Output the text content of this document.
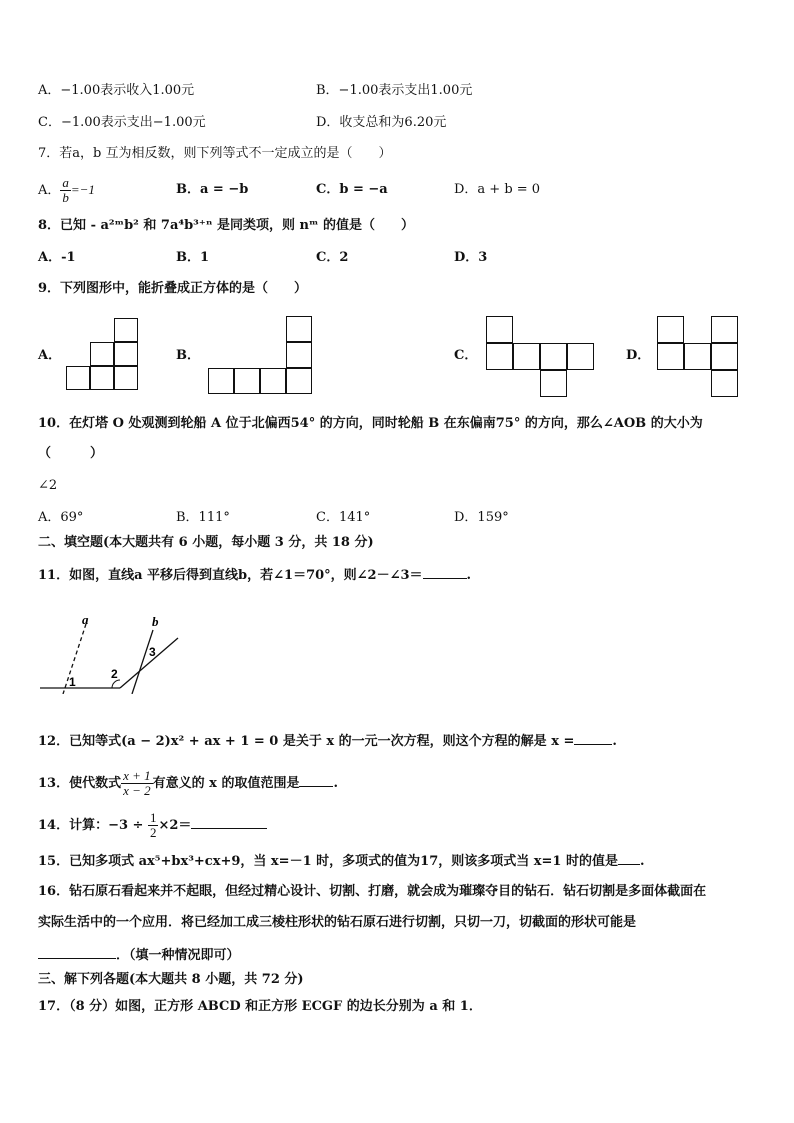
A．−1.00表示收入1.00元	B．−1.00表示支出1.00元
C．−1.00表示支出−1.00元	D．收支总和为6.20元
7．若a，b 互为相反数，则下列等式不一定成立的是（　　）
A． $\frac{a}{b} =-1$	B．a = −b	C．b = −a	D．a + b = 0
8．已知 - a²ᵐb² 和 7a⁴b³⁺ⁿ 是同类项，则 nᵐ 的值是（　　）
A．-1	B．1	C．2	D．3
9．下列图形中，能折叠成正方体的是（　　）
A．	B．	C．	D．
10．在灯塔 O 处观测到轮船 A 位于北偏西54° 的方向，同时轮船 B 在东偏南75° 的方向，那么∠AOB 的大小为
（　　　）
∠2
A．69°	B．111°	C．141°	D．159°
二、填空题(本大题共有 6 小题，每小题 3 分，共 18 分)
11．如图，直线a 平移后得到直线b，若∠1＝70°，则∠2－∠3＝	.
a	b
1
2
3
12．已知等式(a − 2)x² + ax + 1 = 0 是关于 x 的一元一次方程，则这个方程的解是 x =	.
13．使代数式 $\frac{x + 1}{x - 2}$ 有意义的 x 的取值范围是	.
14．计算：$-3 \div \frac{1}{2} \times 2=$
15．已知多项式 ax⁵+bx³+cx+9，当 x=－1 时，多项式的值为17，则该多项式当 x=1 时的值是 .
16．钻石原石看起来并不起眼，但经过精心设计、切割、打磨，就会成为璀璨夺目的钻石．钻石切割是多面体截面在
实际生活中的一个应用．将已经加工成三棱柱形状的钻石原石进行切割，只切一刀，切截面的形状可能是
．（填一种情况即可）
三、解下列各题(本大题共 8 小题，共 72 分)
17．（8 分）如图，正方形 ABCD 和正方形 ECGF 的边长分别为 a 和 1．
